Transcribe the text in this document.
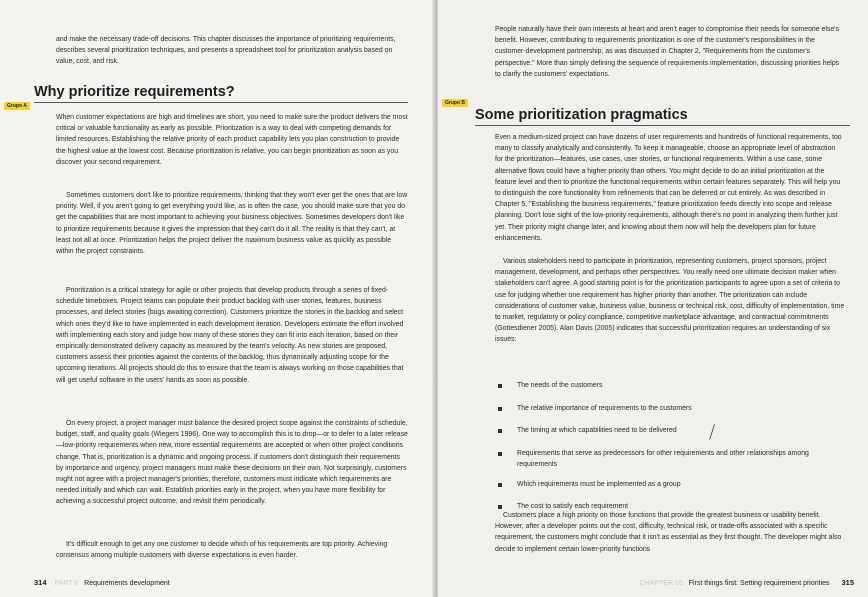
and make the necessary trade-off decisions. This chapter discusses the importance of prioritizing requirements, describes several prioritization techniques, and presents a spreadsheet tool for prioritization analysis based on value, cost, and risk.

Why prioritize requirements?
Grupo A

When customer expectations are high and timelines are short, you need to make sure the product delivers the most critical or valuable functionality as early as possible. Prioritization is a way to deal with competing demands for limited resources. Establishing the relative priority of each product capability lets you plan construction to provide the highest value at the lowest cost. Because prioritization is relative, you can begin prioritization as soon as you discover your second requirement.

Sometimes customers don't like to prioritize requirements, thinking that they won't ever get the ones that are low priority. Well, if you aren't going to get everything you'd like, as is often the case, you should make sure that you do get the capabilities that are most important to achieving your business objectives. Sometimes developers don't like to prioritize requirements because it gives the impression that they can't do it all. The reality is that they can't, at least not all at once. Prioritization helps the project deliver the maximum business value as quickly as possible within the project constraints.

Prioritization is a critical strategy for agile or other projects that develop products through a series of fixed-schedule timeboxes. Project teams can populate their product backlog with user stories, features, business processes, and defect stories (bugs awaiting correction). Customers prioritize the stories in the backlog and select which ones they'd like to have implemented in each development iteration. Developers estimate the effort involved with implementing each story and judge how many of these stories they can fit into each iteration, based on their empirically demonstrated delivery capacity as measured by the team's velocity. As new stories are proposed, customers assess their priorities against the contents of the backlog, thus dynamically adjusting scope for the upcoming iterations. All projects should do this to ensure that the team is always working on those capabilities that will get useful software in the users' hands as soon as possible.

On every project, a project manager must balance the desired project scope against the constraints of schedule, budget, staff, and quality goals (Wiegers 1996). One way to accomplish this is to drop—or to defer to a later release—low-priority requirements when new, more essential requirements are accepted or when other project conditions change. That is, prioritization is a dynamic and ongoing process. If customers don't distinguish their requirements by importance and urgency, project managers must make these decisions on their own. Not surprisingly, customers might not agree with a project manager's priorities; therefore, customers must indicate which requirements are needed initially and which can wait. Establish priorities early in the project, when you have more flexibility for achieving a successful project outcome, and revisit them periodically.

It's difficult enough to get any one customer to decide which of his requirements are top priority. Achieving consensus among multiple customers with diverse expectations is even harder.

314 PART II Requirements development

People naturally have their own interests at heart and aren't eager to compromise their needs for someone else's benefit. However, contributing to requirements prioritization is one of the customer's responsibilities in the customer-development partnership, as was discussed in Chapter 2, "Requirements from the customer's perspective." More than simply defining the sequence of requirements implementation, discussing priorities helps to clarify the customers' expectations.

Grupo B
Some prioritization pragmatics

Even a medium-sized project can have dozens of user requirements and hundreds of functional requirements, too many to classify analytically and consistently. To keep it manageable, choose an appropriate level of abstraction for the prioritization—features, use cases, user stories, or functional requirements. Within a use case, some alternative flows could have a higher priority than others. You might decide to do an initial prioritization at the feature level and then to prioritize the functional requirements within certain features separately. This will help you to distinguish the core functionality from refinements that can be deferred or cut entirely. As was described in Chapter 5, "Establishing the business requirements," feature prioritization feeds directly into scope and release planning. Don't lose sight of the low-priority requirements, although there's no point in analyzing them further just yet. Their priority might change later, and knowing about them now will help the developers plan for future enhancements.

Various stakeholders need to participate in prioritization, representing customers, project sponsors, project management, development, and perhaps other perspectives. You really need one ultimate decision maker when stakeholders can't agree. A good starting point is for the prioritization participants to agree upon a set of criteria to use for judging whether one requirement has higher priority than another. The prioritization can include considerations of customer value, business value, business or technical risk, cost, difficulty of implementation, time to market, regulatory or policy compliance, competitive marketplace advantage, and contractual commitments (Gottesdiener 2005). Alan Davis (2005) indicates that successful prioritization requires an understanding of six issues:

The needs of the customers
The relative importance of requirements to the customers
The timing at which capabilities need to be delivered
Requirements that serve as predecessors for other requirements and other relationships among requirements
Which requirements must be implemented as a group
The cost to satisfy each requirement

Customers place a high priority on those functions that provide the greatest business or usability benefit. However, after a developer points out the cost, difficulty, technical risk, or trade-offs associated with a specific requirement, the customers might conclude that it isn't as essential as they first thought. The developer might also decide to implement certain lower-priority functions

CHAPTER 16 First things first: Setting requirement priorities 315
╱
